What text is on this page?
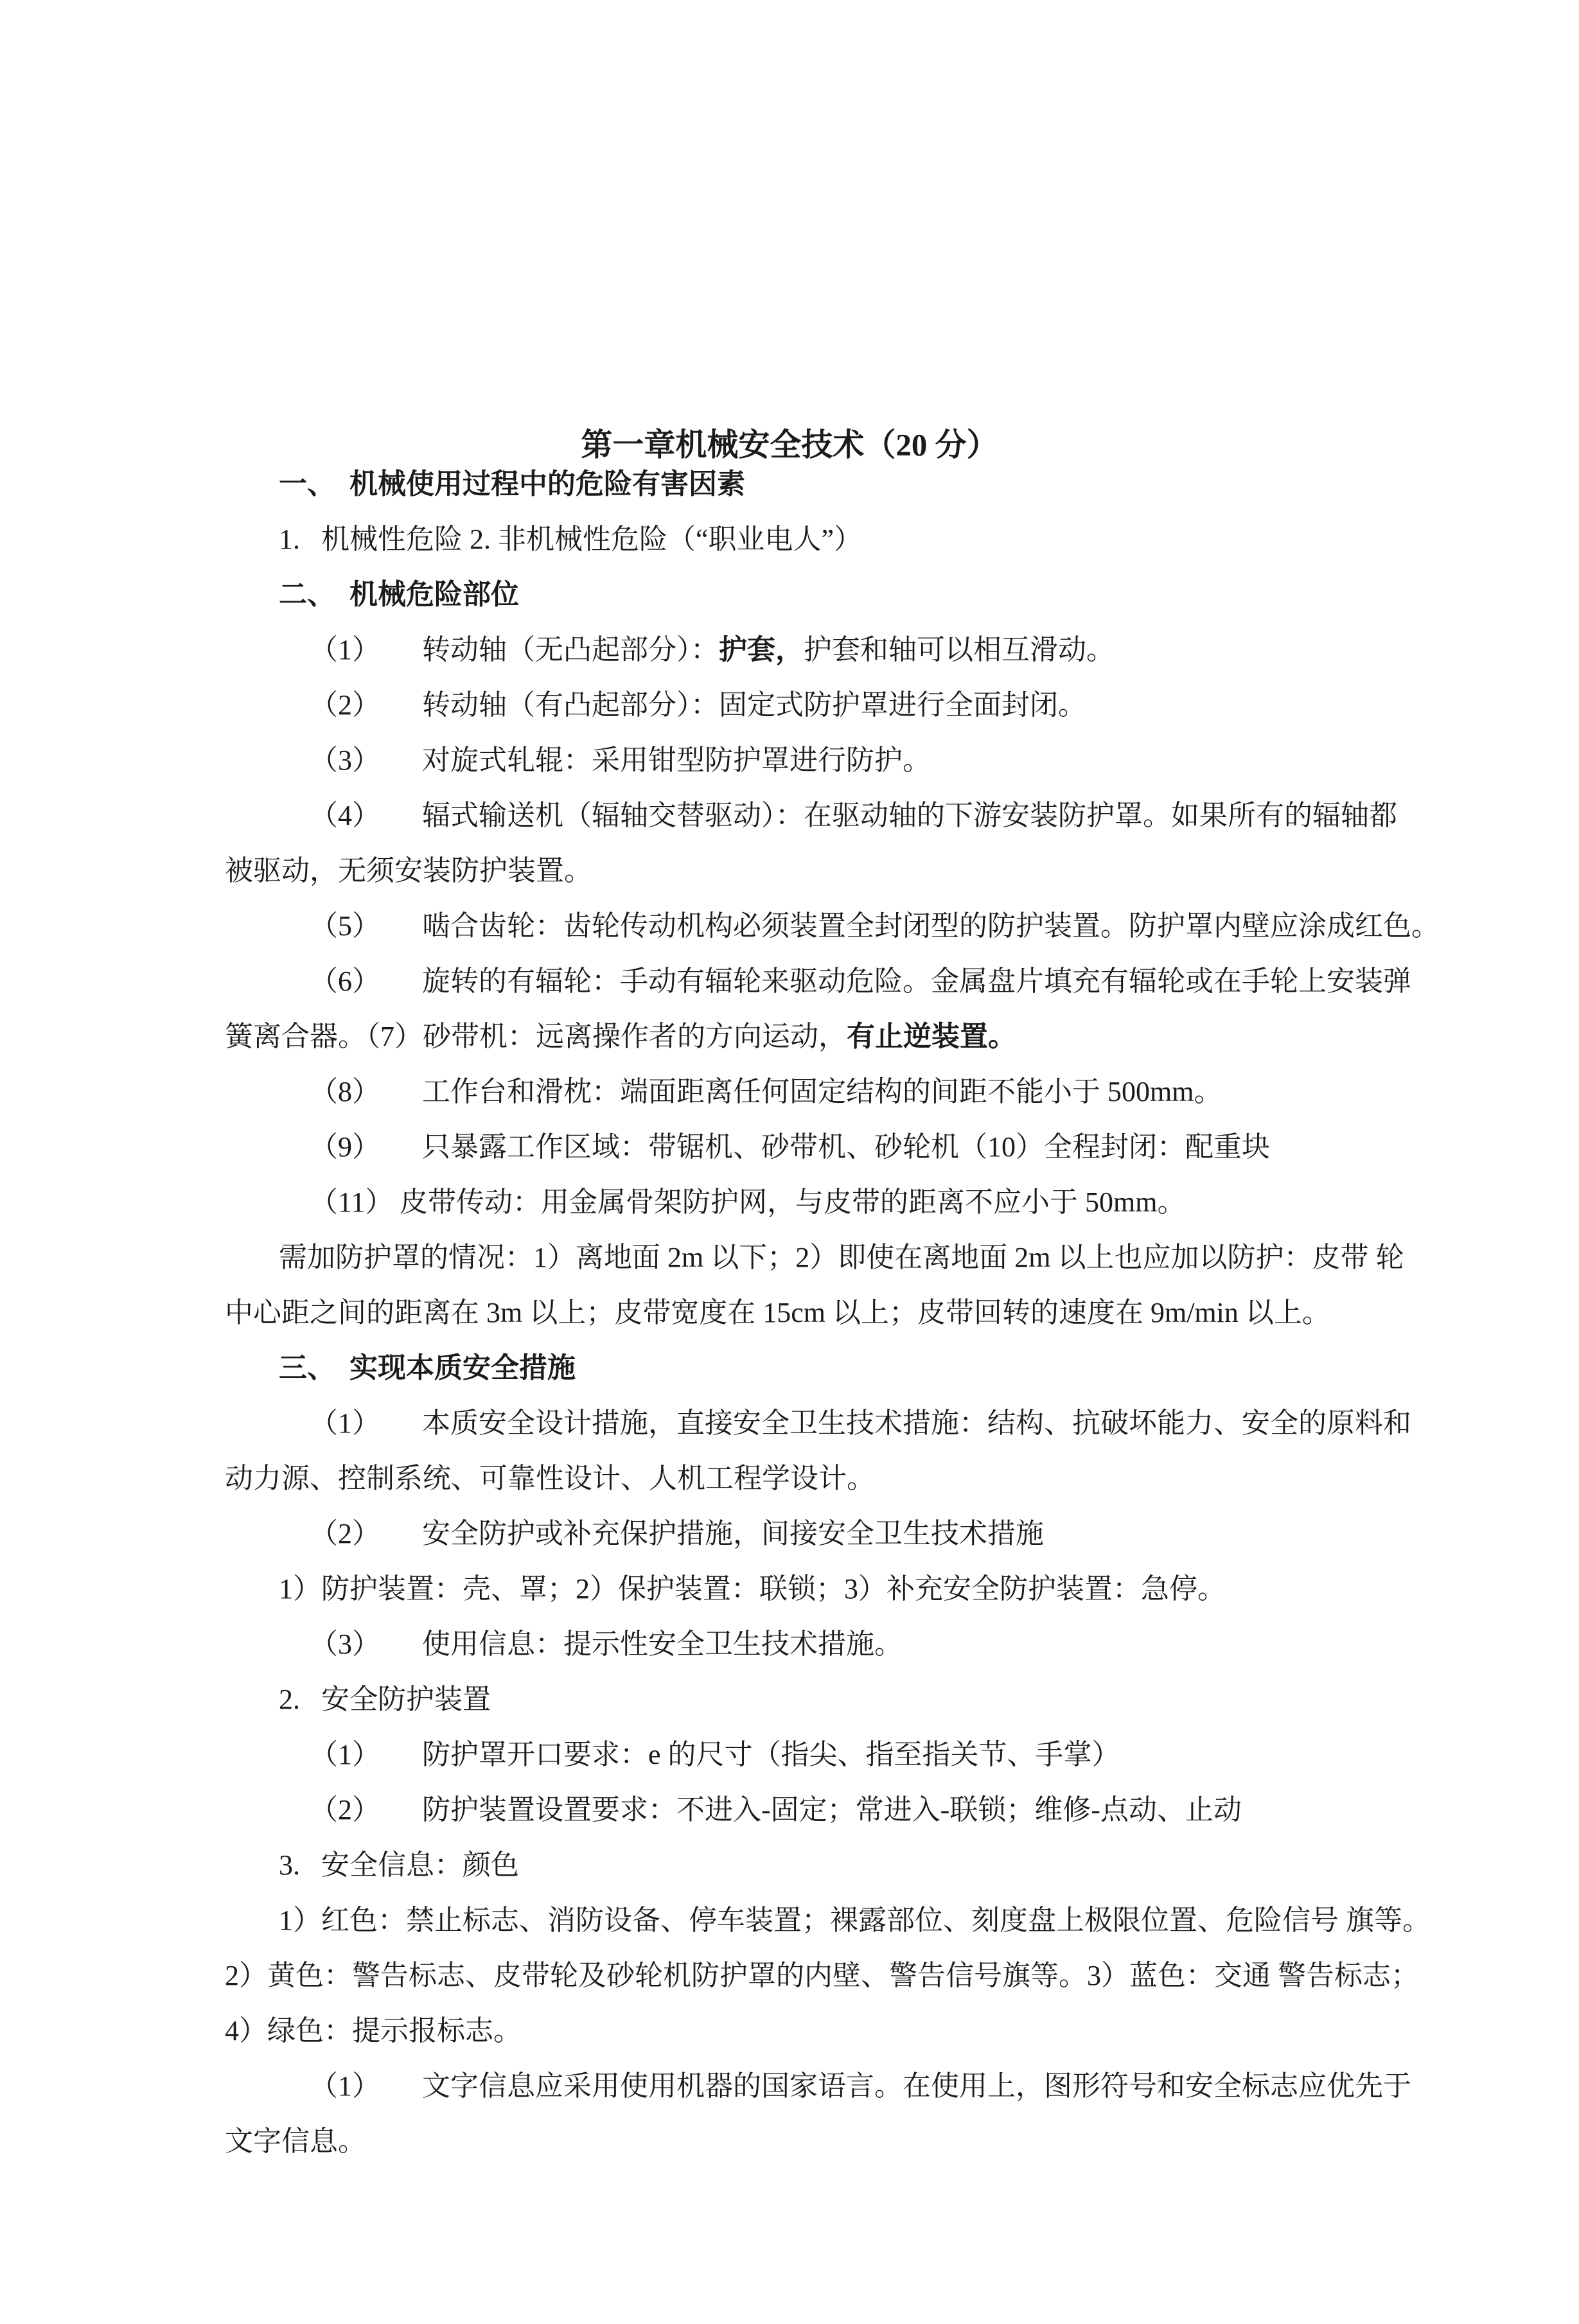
第一章机械安全技术（20 分）
一、 机械使用过程中的危险有害因素
1. 机械性危险 2. 非机械性危险（“职业电人”）
二、 机械危险部位
（1） 转动轴（无凸起部分）：护套，护套和轴可以相互滑动。
（2） 转动轴（有凸起部分）：固定式防护罩进行全面封闭。
（3） 对旋式轧辊：采用钳型防护罩进行防护。
（4） 辐式输送机（辐轴交替驱动）：在驱动轴的下游安装防护罩。如果所有的辐轴都
被驱动，无须安装防护装置。
（5） 啮合齿轮：齿轮传动机构必须装置全封闭型的防护装置。防护罩内壁应涂成红色。
（6） 旋转的有辐轮：手动有辐轮来驱动危险。金属盘片填充有辐轮或在手轮上安装弹
簧离合器。（7）砂带机：远离操作者的方向运动，有止逆装置。
（8） 工作台和滑枕：端面距离任何固定结构的间距不能小于 500mm。
（9） 只暴露工作区域：带锯机、砂带机、砂轮机（10）全程封闭：配重块
（11） 皮带传动：用金属骨架防护网，与皮带的距离不应小于 50mm。
需加防护罩的情况：1）离地面 2m 以下；2）即使在离地面 2m 以上也应加以防护：皮带 轮
中心距之间的距离在 3m 以上；皮带宽度在 15cm 以上；皮带回转的速度在 9m/min 以上。
三、 实现本质安全措施
（1） 本质安全设计措施，直接安全卫生技术措施：结构、抗破坏能力、安全的原料和
动力源、控制系统、可靠性设计、人机工程学设计。
（2） 安全防护或补充保护措施，间接安全卫生技术措施
1）防护装置：壳、罩；2）保护装置：联锁；3）补充安全防护装置：急停。
（3） 使用信息：提示性安全卫生技术措施。
2. 安全防护装置
（1） 防护罩开口要求：e 的尺寸（指尖、指至指关节、手掌）
（2） 防护装置设置要求：不进入-固定；常进入-联锁；维修-点动、止动
3. 安全信息：颜色
1）红色：禁止标志、消防设备、停车装置；裸露部位、刻度盘上极限位置、危险信号 旗等。
2）黄色：警告标志、皮带轮及砂轮机防护罩的内壁、警告信号旗等。3）蓝色：交通 警告标志；
4）绿色：提示报标志。
（1） 文字信息应采用使用机器的国家语言。在使用上，图形符号和安全标志应优先于
文字信息。
